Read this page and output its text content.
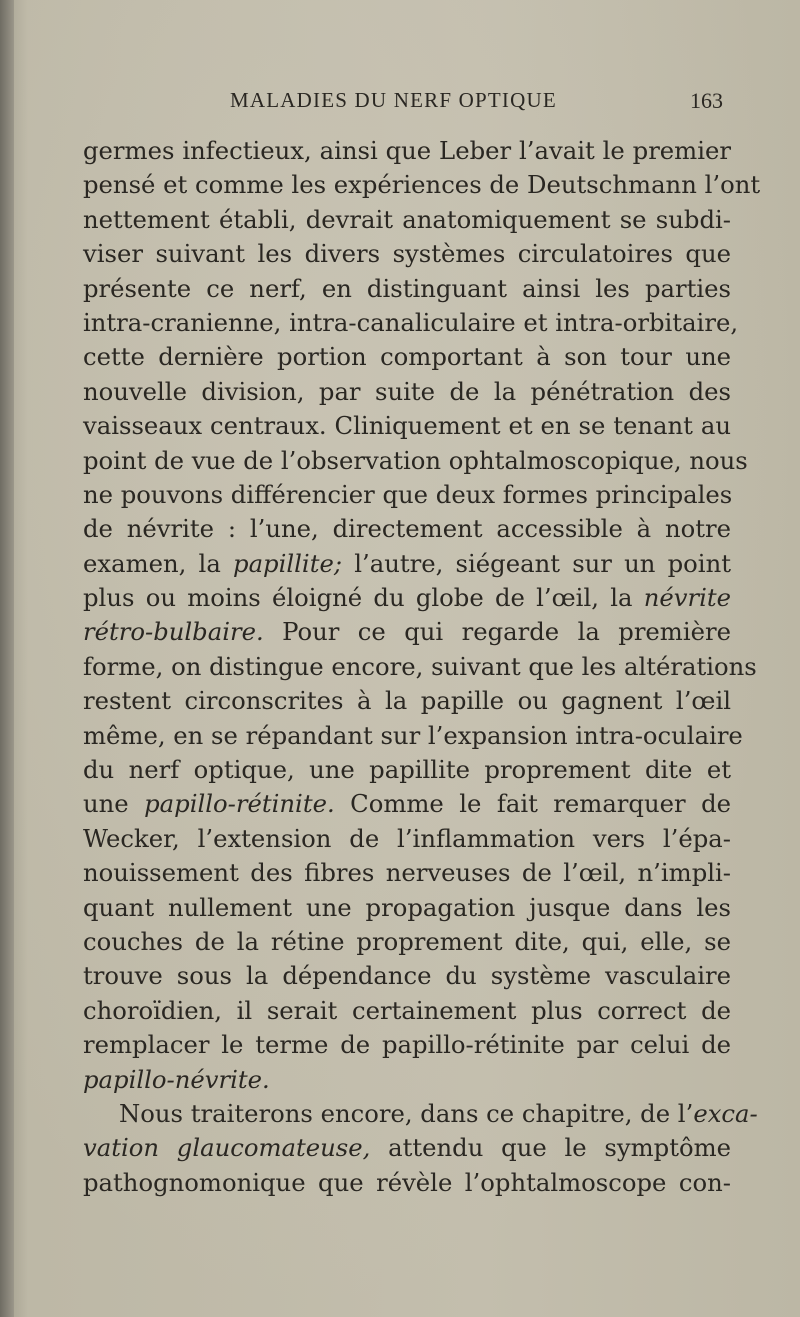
MALADIES DU NERF OPTIQUE	163
germes infectieux, ainsi que Leber l’avait le premier
pensé et comme les expériences de Deutschmann l’ont
nettement établi, devrait anatomiquement se subdi-
viser suivant les divers systèmes circulatoires que
présente ce nerf, en distinguant ainsi les parties
intra-cranienne, intra-canaliculaire et intra-orbitaire,
cette dernière portion comportant à son tour une
nouvelle division, par suite de la pénétration des
vaisseaux centraux. Cliniquement et en se tenant au
point de vue de l’observation ophtalmoscopique, nous
ne pouvons différencier que deux formes principales
de névrite : l’une, directement accessible à notre
examen, la papillite; l’autre, siégeant sur un point
plus ou moins éloigné du globe de l’œil, la névrite
rétro-bulbaire. Pour ce qui regarde la première
forme, on distingue encore, suivant que les altérations
restent circonscrites à la papille ou gagnent l’œil
même, en se répandant sur l’expansion intra-oculaire
du nerf optique, une papillite proprement dite et
une papillo-rétinite. Comme le fait remarquer de
Wecker, l’extension de l’inflammation vers l’épa-
nouissement des fibres nerveuses de l’œil, n’impli-
quant nullement une propagation jusque dans les
couches de la rétine proprement dite, qui, elle, se
trouve sous la dépendance du système vasculaire
choroïdien, il serait certainement plus correct de
remplacer le terme de papillo-rétinite par celui de
papillo-névrite.
Nous traiterons encore, dans ce chapitre, de l’exca-
vation glaucomateuse, attendu que le symptôme
pathognomonique que révèle l’ophtalmoscope con-
